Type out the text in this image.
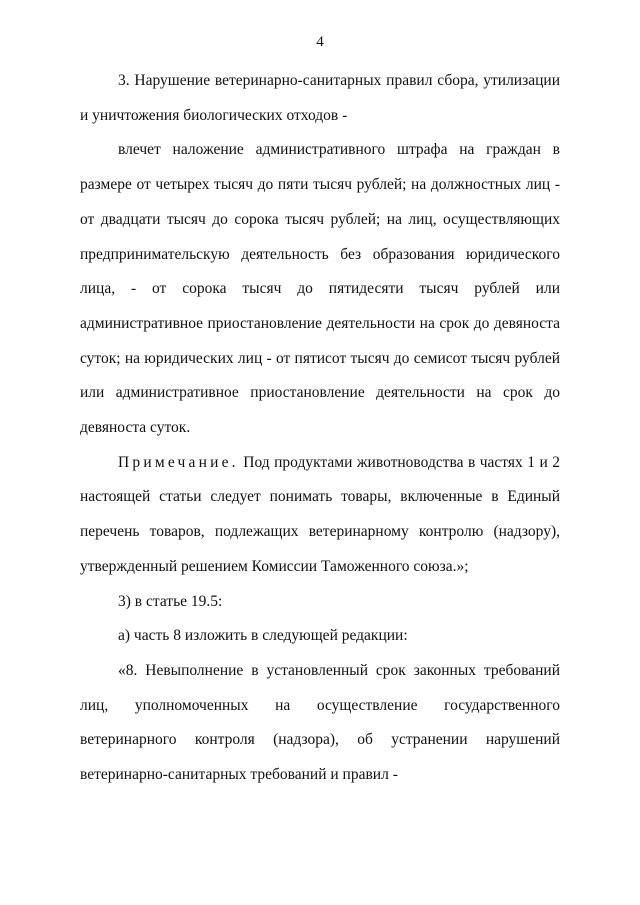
4

3. Нарушение ветеринарно-санитарных правил сбора, утилизации и уничтожения биологических отходов -

влечет наложение административного штрафа на граждан в размере от четырех тысяч до пяти тысяч рублей; на должностных лиц - от двадцати тысяч до сорока тысяч рублей; на лиц, осуществляющих предпринимательскую деятельность без образования юридического лица, - от сорока тысяч до пятидесяти тысяч рублей или административное приостановление деятельности на срок до девяноста суток; на юридических лиц - от пятисот тысяч до семисот тысяч рублей или административное приостановление деятельности на срок до девяноста суток.

Примечание. Под продуктами животноводства в частях 1 и 2 настоящей статьи следует понимать товары, включенные в Единый перечень товаров, подлежащих ветеринарному контролю (надзору), утвержденный решением Комиссии Таможенного союза.»;

3) в статье 19.5:

а) часть 8 изложить в следующей редакции:

«8. Невыполнение в установленный срок законных требований лиц, уполномоченных на осуществление государственного ветеринарного контроля (надзора), об устранении нарушений ветеринарно-санитарных требований и правил -
